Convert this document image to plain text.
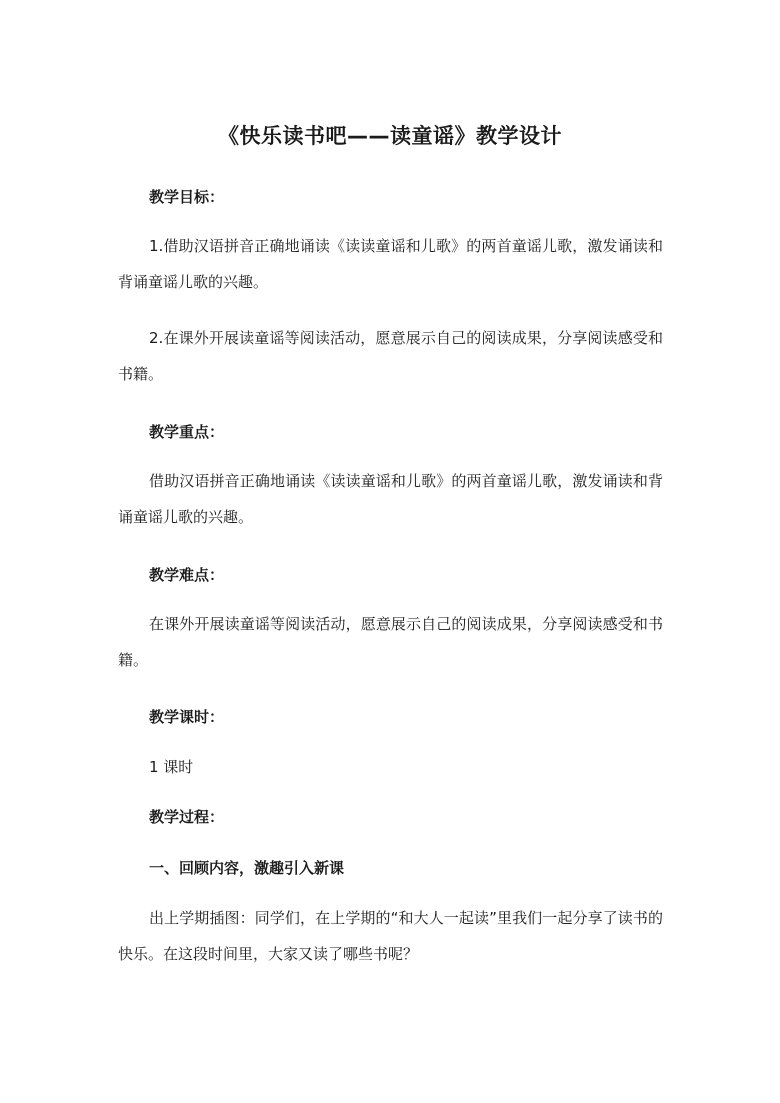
《快乐读书吧——读童谣》教学设计

教学目标：

1.借助汉语拼音正确地诵读《读读童谣和儿歌》的两首童谣儿歌，激发诵读和背诵童谣儿歌的兴趣。

2.在课外开展读童谣等阅读活动，愿意展示自己的阅读成果，分享阅读感受和书籍。

教学重点：

借助汉语拼音正确地诵读《读读童谣和儿歌》的两首童谣儿歌，激发诵读和背诵童谣儿歌的兴趣。

教学难点：

在课外开展读童谣等阅读活动，愿意展示自己的阅读成果，分享阅读感受和书籍。

教学课时：

1 课时

教学过程：

一、回顾内容，激趣引入新课

出上学期插图：同学们，在上学期的“和大人一起读”里我们一起分享了读书的快乐。在这段时间里，大家又读了哪些书呢？
